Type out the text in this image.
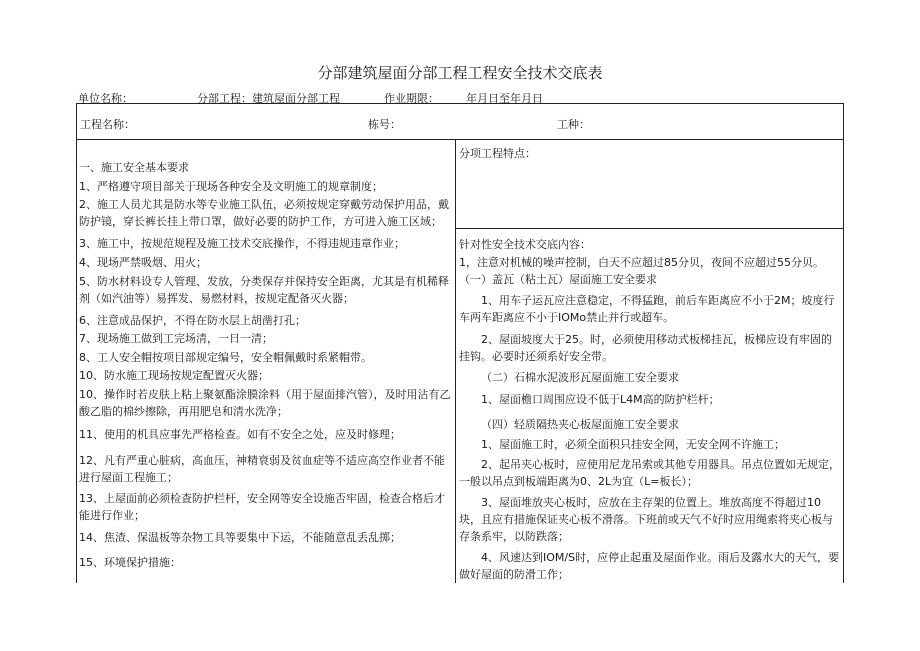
分部建筑屋面分部工程工程安全技术交底表
单位名称：	分部工程：建筑屋面分部工程	作业期限： 年月日至年月日
工程名称：	栋号：	工种：
一、施工安全基本要求
1、严格遵守项目部关于现场各种安全及文明施工的规章制度；
2、施工人员尤其是防水等专业施工队伍，必须按规定穿戴劳动保护用品，戴防护镜，穿长裤长挂上带口罩，做好必要的防护工作，方可进入施工区域；
3、施工中，按规范规程及施工技术交底操作，不得违规违章作业；
4、现场严禁吸烟、用火；
5、防水材料设专人管理、发放，分类保存并保持安全距离，尤其是有机稀释剂（如汽油等）易挥发、易燃材料，按规定配备灭火器；
6、注意成品保护，不得在防水层上胡凿打孔；
7、现场施工做到工完场清，一日一清；
8、工人安全帽按项目部规定编号，安全帽佩戴时系紧帽带。
10、防水施工现场按规定配置灭火器；
10、操作时若皮肤上粘上聚氨酯涂膜涂料（用于屋面排汽管），及时用沾有乙酸乙脂的棉纱擦除，再用肥皂和清水洗净；
11、使用的机具应事先严格检查。如有不安全之处，应及时修理；
12、凡有严重心脏病，高血压，神精衰弱及贫血症等不适应高空作业者不能进行屋面工程施工；
13、上屋面前必须检查防护栏杆，安全网等安全设施否牢固，检查合格后才能进行作业；
14、焦渣、保温板等杂物工具等要集中下运，不能随意乱丢乱掷；
15、环境保护措施：
分项工程特点：
针对性安全技术交底内容：
1，注意对机械的噪声控制，白天不应超过85分贝，夜间不应超过55分贝。（一）盖瓦（粘土瓦）屋面施工安全要求
1、用车子运瓦应注意稳定，不得猛跑，前后车距离应不小于2M；坡度行车两车距离应不小于IOMo禁止并行或超车。
2、屋面坡度大于25。时，必须使用移动式板梯挂瓦，板梯应设有牢固的挂钩。必要时还须系好安全带。
（二）石棉水泥波形瓦屋面施工安全要求
1、屋面檐口周围应设不低于L4M高的防护栏杆；
（四）轻质隔热夹心板屋面施工安全要求
1、屋面施工时，必须全面积只挂安全网，无安全网不许施工；
2、起吊夹心板时，应使用尼龙吊索或其他专用器具。吊点位置如无规定，一般以吊点到板端距离为0、2L为宜（L=板长）；
3、屋面堆放夹心板时，应放在主存架的位置上。堆放高度不得超过10块，且应有措施保证夹心板不滑落。下班前或天气不好时应用绳索将夹心板与存条系牢，以防跌落；
4、风速达到IOM/S时，应停止起重及屋面作业。雨后及露水大的天气，要做好屋面的防滑工作；
